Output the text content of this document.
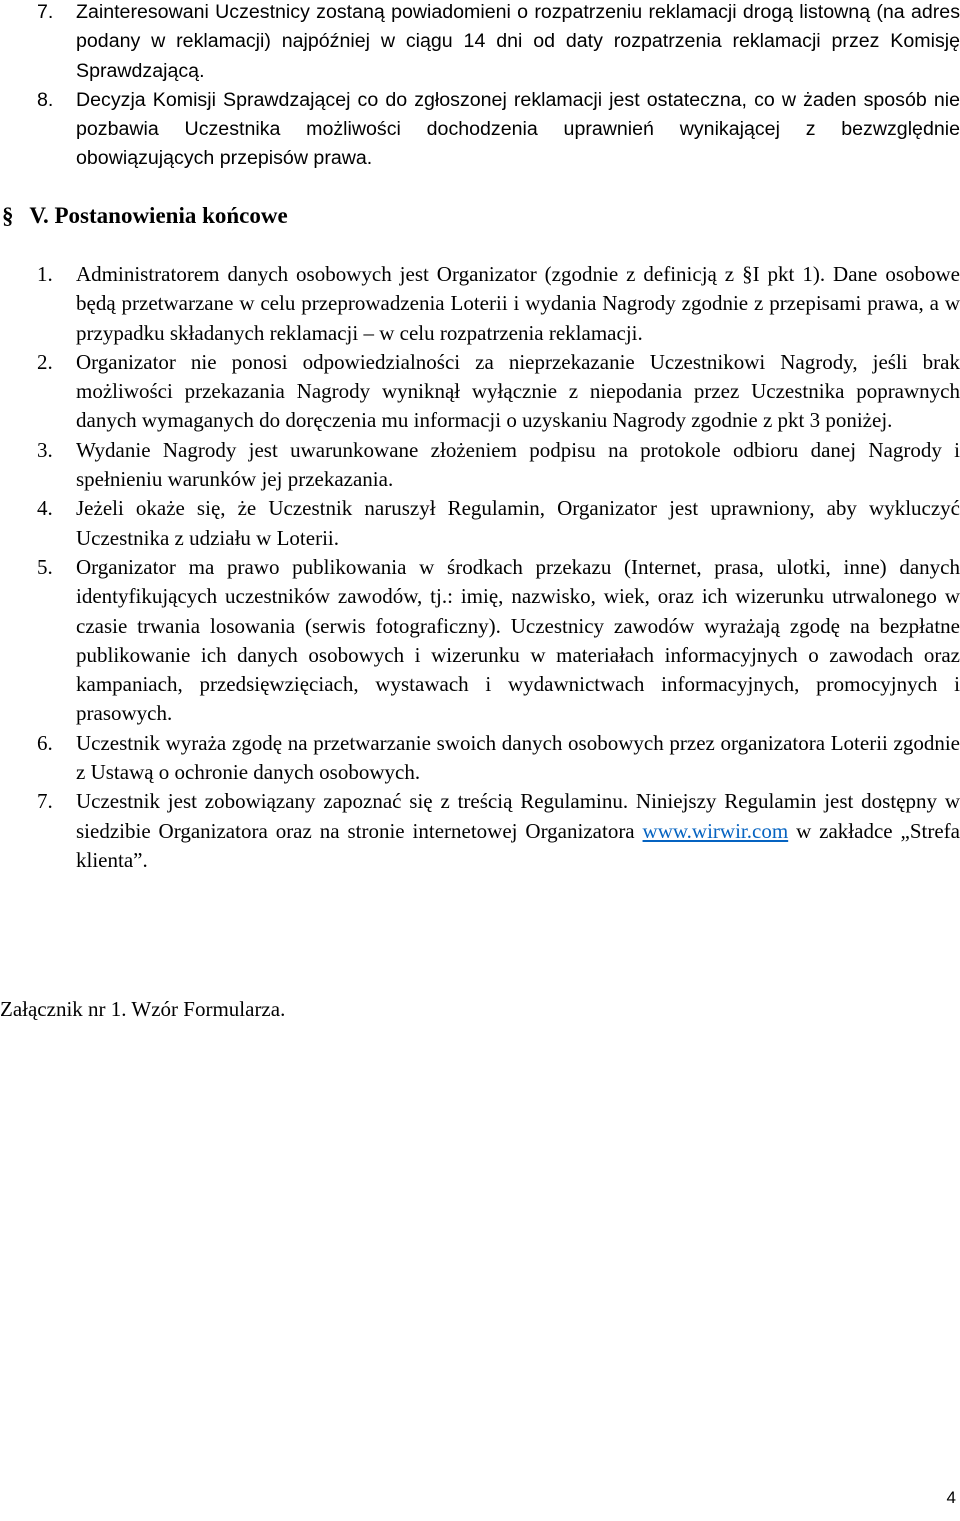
7. Zainteresowani Uczestnicy zostaną powiadomieni o rozpatrzeniu reklamacji drogą listowną (na adres podany w reklamacji) najpóźniej w ciągu 14 dni od daty rozpatrzenia reklamacji przez Komisję Sprawdzającą.
8. Decyzja Komisji Sprawdzającej co do zgłoszonej reklamacji jest ostateczna, co w żaden sposób nie pozbawia Uczestnika możliwości dochodzenia uprawnień wynikającej z bezwzględnie obowiązujących przepisów prawa.
§ V. Postanowienia końcowe
1. Administratorem danych osobowych jest Organizator (zgodnie z definicją z §I pkt 1). Dane osobowe będą przetwarzane w celu przeprowadzenia Loterii i wydania Nagrody zgodnie z przepisami prawa, a w przypadku składanych reklamacji – w celu rozpatrzenia reklamacji.
2. Organizator nie ponosi odpowiedzialności za nieprzekazanie Uczestnikowi Nagrody, jeśli brak możliwości przekazania Nagrody wyniknął wyłącznie z niepodania przez Uczestnika poprawnych danych wymaganych do doręczenia mu informacji o uzyskaniu Nagrody zgodnie z pkt 3 poniżej.
3. Wydanie Nagrody jest uwarunkowane złożeniem podpisu na protokole odbioru danej Nagrody i spełnieniu warunków jej przekazania.
4. Jeżeli okaże się, że Uczestnik naruszył Regulamin, Organizator jest uprawniony, aby wykluczyć Uczestnika z udziału w Loterii.
5. Organizator ma prawo publikowania w środkach przekazu (Internet, prasa, ulotki, inne) danych identyfikujących uczestników zawodów, tj.: imię, nazwisko, wiek, oraz ich wizerunku utrwalonego w czasie trwania losowania (serwis fotograficzny). Uczestnicy zawodów wyrażają zgodę na bezpłatne publikowanie ich danych osobowych i wizerunku w materiałach informacyjnych o zawodach oraz kampaniach, przedsięwzięciach, wystawach i wydawnictwach informacyjnych, promocyjnych i prasowych.
6. Uczestnik wyraża zgodę na przetwarzanie swoich danych osobowych przez organizatora Loterii zgodnie z Ustawą o ochronie danych osobowych.
7. Uczestnik jest zobowiązany zapoznać się z treścią Regulaminu. Niniejszy Regulamin jest dostępny w siedzibie Organizatora oraz na stronie internetowej Organizatora www.wirwir.com w zakładce „Strefa klienta”.
Załącznik nr 1. Wzór Formularza.
4
